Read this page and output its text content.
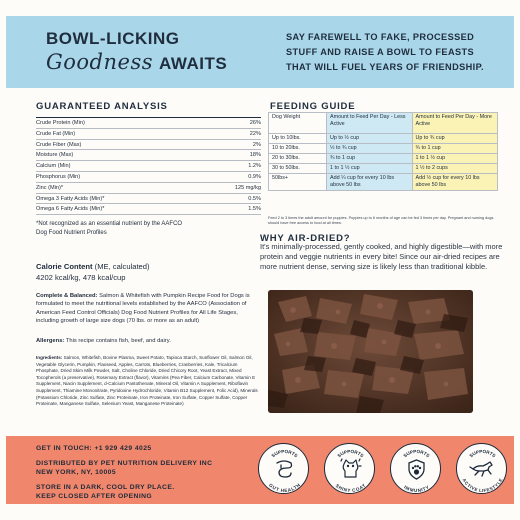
BOWL-LICKING
Goodness AWAITS
SAY FAREWELL TO FAKE, PROCESSED
STUFF AND RAISE A BOWL TO FEASTS
THAT WILL FUEL YEARS OF FRIENDSHIP.
GUARANTEED ANALYSIS
Crude Protein (Min)	26%
Crude Fat (Min)	22%
Crude Fiber (Max)	2%
Moisture (Max)	18%
Calcium (Min)	1.2%
Phosphorus (Min)	0.9%
Zinc (Min)*	125 mg/kg
Omega 3 Fatty Acids (Min)*	0.5%
Omega 6 Fatty Acids (Min)*	1.5%
*Not recognized as an essential nutrient by the AAFCO
Dog Food Nutrient Profiles
Calorie Content (ME, calculated)
4202 kcal/kg, 478 kcal/cup
Complete & Balanced: Salmon & Whitefish with Pumpkin Recipe Food for Dogs is formulated to meet the nutritional levels established by the AAFCO (Association of American Feed Control Officials) Dog Food Nutrient Profiles for All Life Stages, including growth of large size dogs (70 lbs. or more as an adult)
Allergens: This recipe contains fish, beef, and dairy.
Ingredients: Salmon, Whitefish, Bovine Plasma, Sweet Potato, Tapioca Starch, Sunflower Oil, Salmon Oil, Vegetable Glycerin, Pumpkin, Flaxseed, Apples, Carrots, Blueberries, Cranberries, Kale, Tricalcium Phosphate, Dried Skim Milk Powder, Salt, Choline Chloride, Dried Chicory Root, Yeast Extract, Mixed Tocopherols (a preservative), Rosemary Extract (flavor), Vitamins (Pea Fiber, Calcium Carbonate, Vitamin E Supplement, Niacin Supplement, d-Calcium Pantothenate, Mineral Oil, Vitamin A Supplement, Riboflavin Supplement, Thiamine Mononitrate, Pyridoxine Hydrochloride, Vitamin B12 Supplement, Folic Acid), Minerals (Potassium Chloride, Zinc Sulfate, Zinc Proteinate, Iron Proteinate, Iron Sulfate, Copper Sulfate, Copper Proteinate, Manganese Sulfate, Selenium Yeast, Manganese Proteinate)
FEEDING GUIDE
Dog Weight	Amount to Feed Per Day - Less Active	Amount to Feed Per Day - More Active
Up to 10lbs.	Up to ½ cup	Up to ¾ cup
10 to 20lbs.	½ to ¾ cup	¾ to 1 cup
20 to 30lbs.	¾ to 1 cup	1 to 1 ½ cup
30 to 50lbs.	1 to 1 ½ cup	1 ½ to 2 cups
50lbs+	Add ¼ cup for every 10 lbs above 50 lbs	Add ½ cup for every 10 lbs above 50 lbs
Feed 2 to 3 times the adult amount for puppies. Puppies up to 6 months of age can be fed 3 times per day. Pregnant and nursing dogs should have free access to food at all times.
WHY AIR-DRIED?
It's minimally-processed, gently cooked, and highly digestible—with more protein and veggie nutrients in every bite! Since our air-dried recipes are more nutrient dense, serving size is likely less than traditional kibble.
GET IN TOUCH: +1 929 429 4025
DISTRIBUTED BY PET NUTRITION DELIVERY INC
NEW YORK, NY, 10005
STORE IN A DARK, COOL DRY PLACE.
KEEP CLOSED AFTER OPENING
SUPPORTS
GUT HEALTH
SUPPORTS
SHINY COAT
SUPPORTS
IMMUNITY
SUPPORTS
ACTIVE LIFESTYLE
